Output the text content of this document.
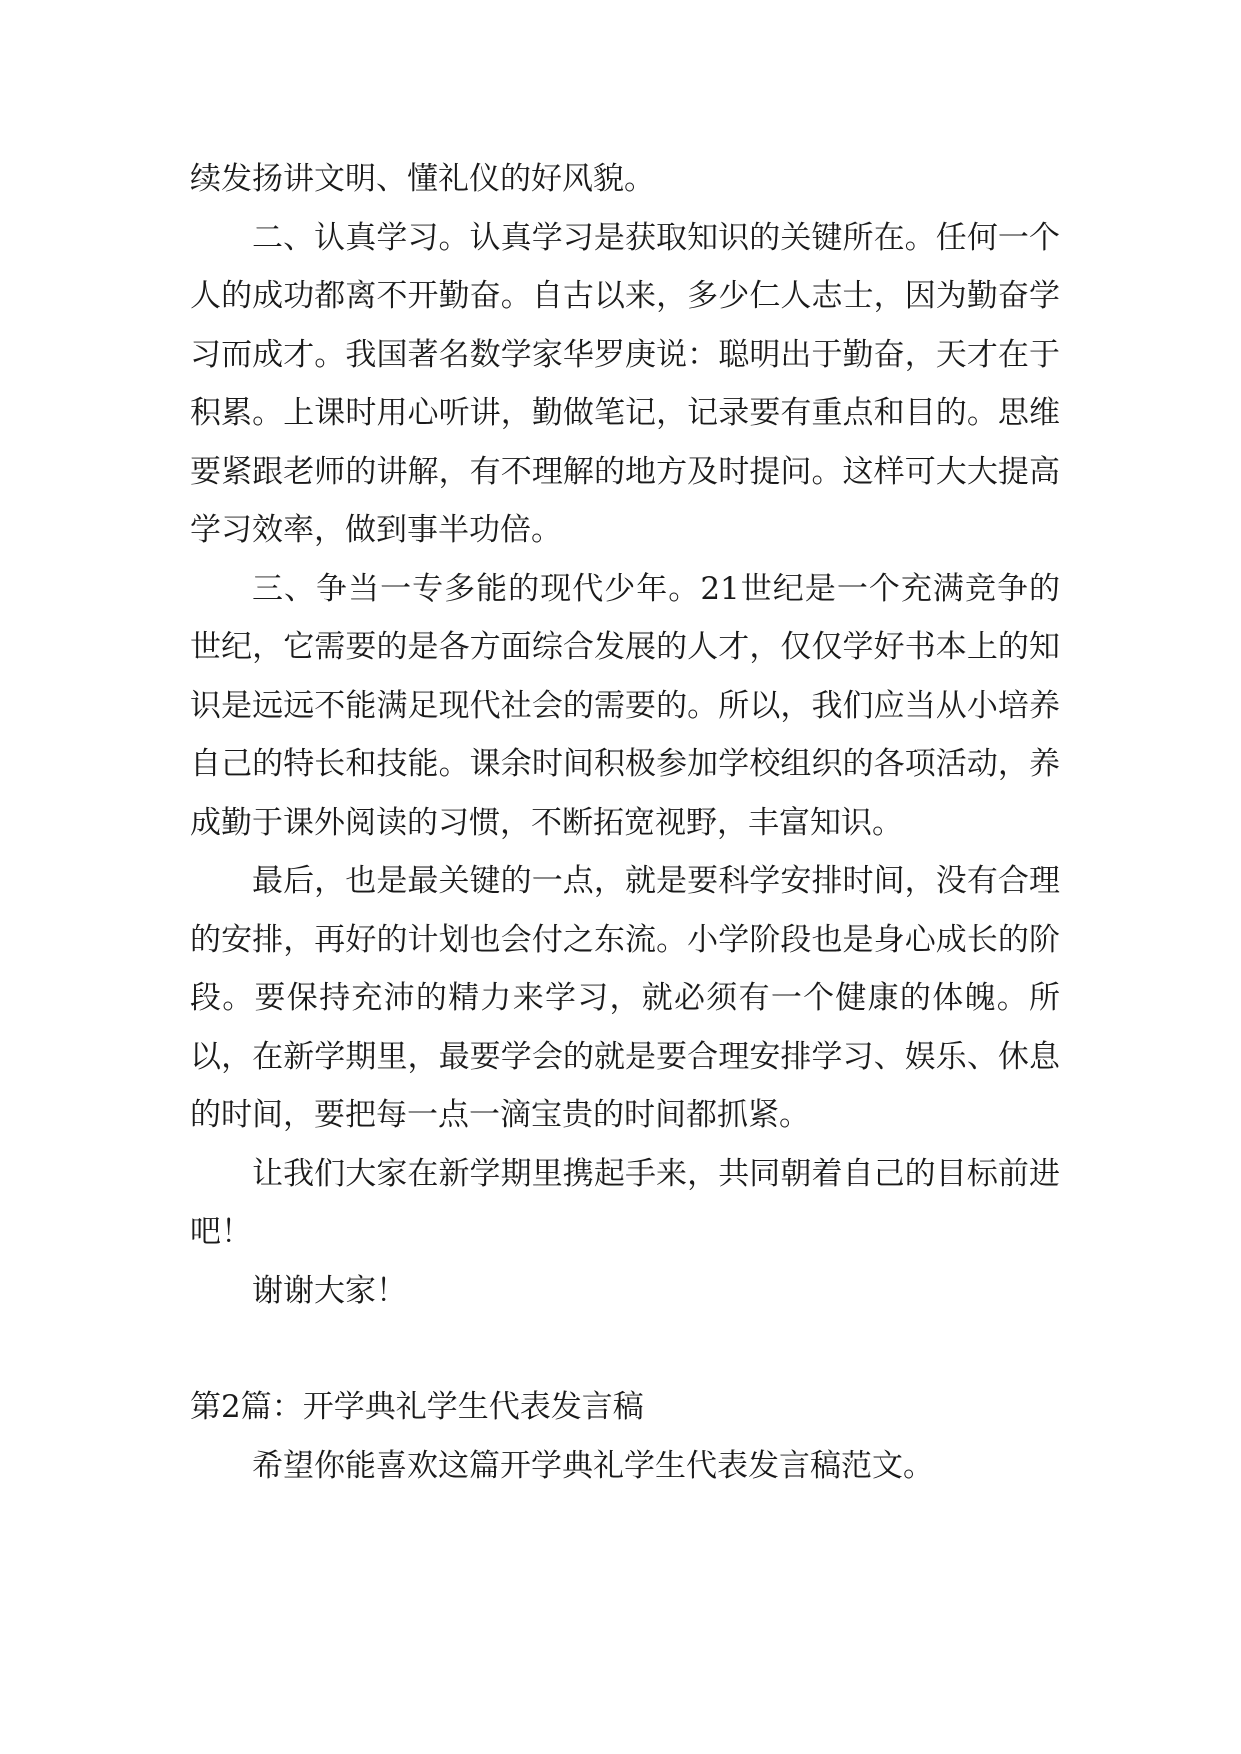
续发扬讲文明、懂礼仪的好风貌。

二、认真学习。认真学习是获取知识的关键所在。任何一个人的成功都离不开勤奋。自古以来，多少仁人志士，因为勤奋学习而成才。我国著名数学家华罗庚说：聪明出于勤奋，天才在于积累。上课时用心听讲，勤做笔记，记录要有重点和目的。思维要紧跟老师的讲解，有不理解的地方及时提问。这样可大大提高学习效率，做到事半功倍。

三、争当一专多能的现代少年。21世纪是一个充满竞争的世纪，它需要的是各方面综合发展的人才，仅仅学好书本上的知识是远远不能满足现代社会的需要的。所以，我们应当从小培养自己的特长和技能。课余时间积极参加学校组织的各项活动，养成勤于课外阅读的习惯，不断拓宽视野，丰富知识。

最后，也是最关键的一点，就是要科学安排时间，没有合理的安排，再好的计划也会付之东流。小学阶段也是身心成长的阶段。要保持充沛的精力来学习，就必须有一个健康的体魄。所以，在新学期里，最要学会的就是要合理安排学习、娱乐、休息的时间，要把每一点一滴宝贵的时间都抓紧。

让我们大家在新学期里携起手来，共同朝着自己的目标前进吧！

谢谢大家！

第2篇：开学典礼学生代表发言稿

希望你能喜欢这篇开学典礼学生代表发言稿范文。
